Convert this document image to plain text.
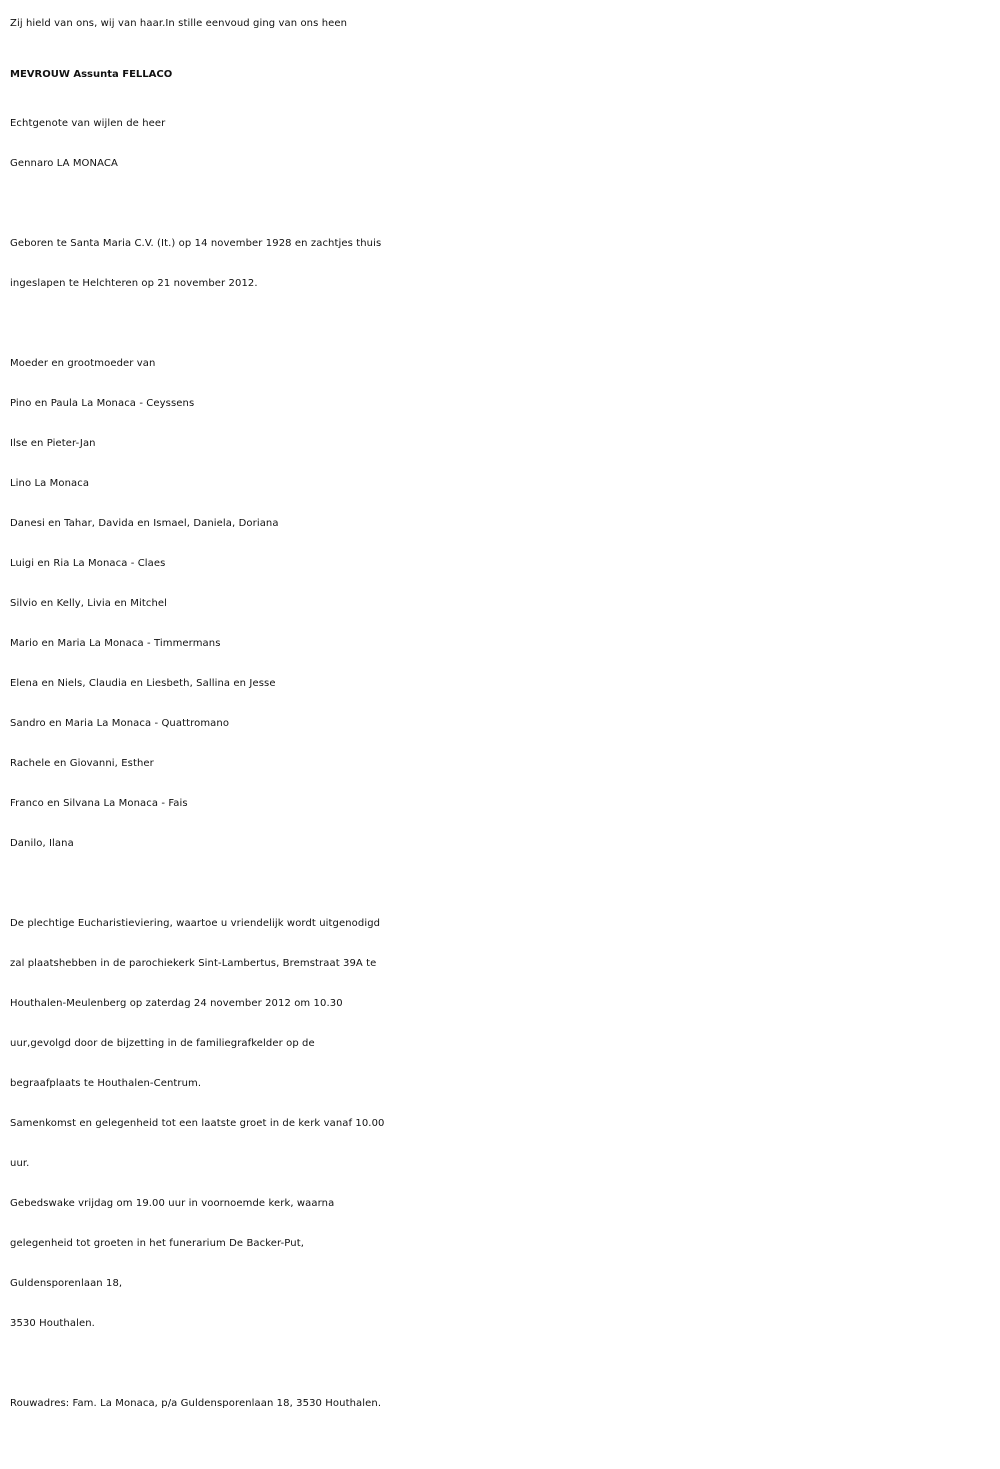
Zij hield van ons, wij van haar.In stille eenvoud ging van ons heen
MEVROUW Assunta FELLACO
Echtgenote van wijlen de heer
Gennaro LA MONACA
Geboren te Santa Maria C.V. (It.) op 14 november 1928 en zachtjes thuis
ingeslapen te Helchteren op 21 november 2012.
Moeder en grootmoeder van
Pino en Paula La Monaca - Ceyssens
Ilse en Pieter-Jan
Lino La Monaca
Danesi en Tahar, Davida en Ismael, Daniela, Doriana
Luigi en Ria La Monaca - Claes
Silvio en Kelly, Livia en Mitchel
Mario en Maria La Monaca - Timmermans
Elena en Niels, Claudia en Liesbeth, Sallina en Jesse
Sandro en Maria La Monaca - Quattromano
Rachele en Giovanni, Esther
Franco en Silvana La Monaca - Fais
Danilo, Ilana
De plechtige Eucharistieviering, waartoe u vriendelijk wordt uitgenodigd
zal plaatshebben in de parochiekerk Sint-Lambertus, Bremstraat 39A te
Houthalen-Meulenberg op zaterdag 24 november 2012 om 10.30
uur,gevolgd door de bijzetting in de familiegrafkelder op de
begraafplaats te Houthalen-Centrum.
Samenkomst en gelegenheid tot een laatste groet in de kerk vanaf 10.00
uur.
Gebedswake vrijdag om 19.00 uur in voornoemde kerk, waarna
gelegenheid tot groeten in het funerarium De Backer-Put,
Guldensporenlaan 18,
3530 Houthalen.
Rouwadres: Fam. La Monaca, p/a Guldensporenlaan 18, 3530 Houthalen.
